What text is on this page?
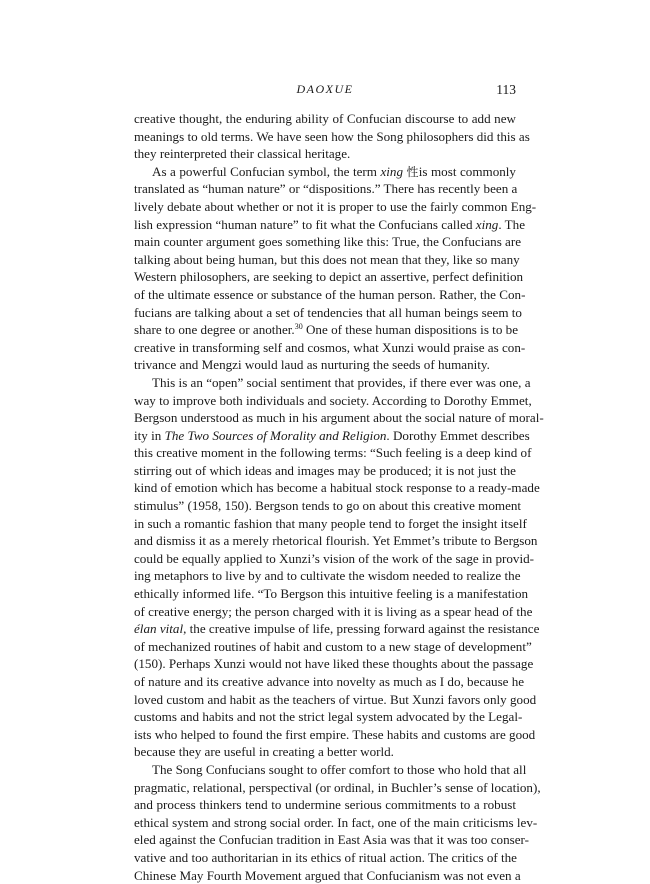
DAOXUE	113
creative thought, the enduring ability of Confucian discourse to add new
meanings to old terms. We have seen how the Song philosophers did this as
they reinterpreted their classical heritage.
As a powerful Confucian symbol, the term xing 性is most commonly
translated as “human nature” or “dispositions.” There has recently been a
lively debate about whether or not it is proper to use the fairly common Eng-
lish expression “human nature” to fit what the Confucians called xing. The
main counter argument goes something like this: True, the Confucians are
talking about being human, but this does not mean that they, like so many
Western philosophers, are seeking to depict an assertive, perfect definition
of the ultimate essence or substance of the human person. Rather, the Con-
fucians are talking about a set of tendencies that all human beings seem to
share to one degree or another.$^{30}$ One of these human dispositions is to be
creative in transforming self and cosmos, what Xunzi would praise as con-
trivance and Mengzi would laud as nurturing the seeds of humanity.
This is an “open” social sentiment that provides, if there ever was one, a
way to improve both individuals and society. According to Dorothy Emmet,
Bergson understood as much in his argument about the social nature of moral-
ity in The Two Sources of Morality and Religion. Dorothy Emmet describes
this creative moment in the following terms: “Such feeling is a deep kind of
stirring out of which ideas and images may be produced; it is not just the
kind of emotion which has become a habitual stock response to a ready-made
stimulus” (1958, 150). Bergson tends to go on about this creative moment
in such a romantic fashion that many people tend to forget the insight itself
and dismiss it as a merely rhetorical flourish. Yet Emmet’s tribute to Bergson
could be equally applied to Xunzi’s vision of the work of the sage in provid-
ing metaphors to live by and to cultivate the wisdom needed to realize the
ethically informed life. “To Bergson this intuitive feeling is a manifestation
of creative energy; the person charged with it is living as a spear head of the
élan vital, the creative impulse of life, pressing forward against the resistance
of mechanized routines of habit and custom to a new stage of development”
(150). Perhaps Xunzi would not have liked these thoughts about the passage
of nature and its creative advance into novelty as much as I do, because he
loved custom and habit as the teachers of virtue. But Xunzi favors only good
customs and habits and not the strict legal system advocated by the Legal-
ists who helped to found the first empire. These habits and customs are good
because they are useful in creating a better world.
The Song Confucians sought to offer comfort to those who hold that all
pragmatic, relational, perspectival (or ordinal, in Buchler’s sense of location),
and process thinkers tend to undermine serious commitments to a robust
ethical system and strong social order. In fact, one of the main criticisms lev-
eled against the Confucian tradition in East Asia was that it was too conser-
vative and too authoritarian in its ethics of ritual action. The critics of the
Chinese May Fourth Movement argued that Confucianism was not even a
